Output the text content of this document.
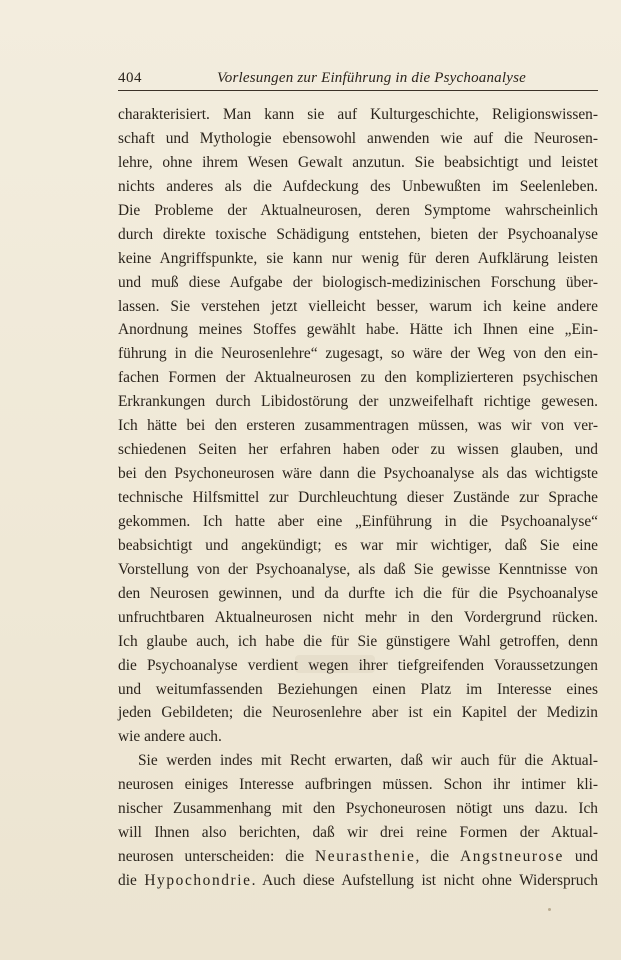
404	Vorlesungen zur Einführung in die Psychoanalyse

charakterisiert. Man kann sie auf Kulturgeschichte, Religionswissen-
schaft und Mythologie ebensowohl anwenden wie auf die Neurosen-
lehre, ohne ihrem Wesen Gewalt anzutun. Sie beabsichtigt und leistet
nichts anderes als die Aufdeckung des Unbewußten im Seelenleben.
Die Probleme der Aktualneurosen, deren Symptome wahrscheinlich
durch direkte toxische Schädigung entstehen, bieten der Psychoanalyse
keine Angriffspunkte, sie kann nur wenig für deren Aufklärung leisten
und muß diese Aufgabe der biologisch-medizinischen Forschung über-
lassen. Sie verstehen jetzt vielleicht besser, warum ich keine andere
Anordnung meines Stoffes gewählt habe. Hätte ich Ihnen eine „Ein-
führung in die Neurosenlehre“ zugesagt, so wäre der Weg von den ein-
fachen Formen der Aktualneurosen zu den komplizierteren psychischen
Erkrankungen durch Libidostörung der unzweifelhaft richtige gewesen.
Ich hätte bei den ersteren zusammentragen müssen, was wir von ver-
schiedenen Seiten her erfahren haben oder zu wissen glauben, und
bei den Psychoneurosen wäre dann die Psychoanalyse als das wichtigste
technische Hilfsmittel zur Durchleuchtung dieser Zustände zur Sprache
gekommen. Ich hatte aber eine „Einführung in die Psychoanalyse“
beabsichtigt und angekündigt; es war mir wichtiger, daß Sie eine
Vorstellung von der Psychoanalyse, als daß Sie gewisse Kenntnisse von
den Neurosen gewinnen, und da durfte ich die für die Psychoanalyse
unfruchtbaren Aktualneurosen nicht mehr in den Vordergrund rücken.
Ich glaube auch, ich habe die für Sie günstigere Wahl getroffen, denn
die Psychoanalyse verdient wegen ihrer tiefgreifenden Voraussetzungen
und weitumfassenden Beziehungen einen Platz im Interesse eines
jeden Gebildeten; die Neurosenlehre aber ist ein Kapitel der Medizin
wie andere auch.

Sie werden indes mit Recht erwarten, daß wir auch für die Aktual-
neurosen einiges Interesse aufbringen müssen. Schon ihr intimer kli-
nischer Zusammenhang mit den Psychoneurosen nötigt uns dazu. Ich
will Ihnen also berichten, daß wir drei reine Formen der Aktual-
neurosen unterscheiden: die Neurasthenie, die Angstneurose und
die Hypochondrie. Auch diese Aufstellung ist nicht ohne Widerspruch
